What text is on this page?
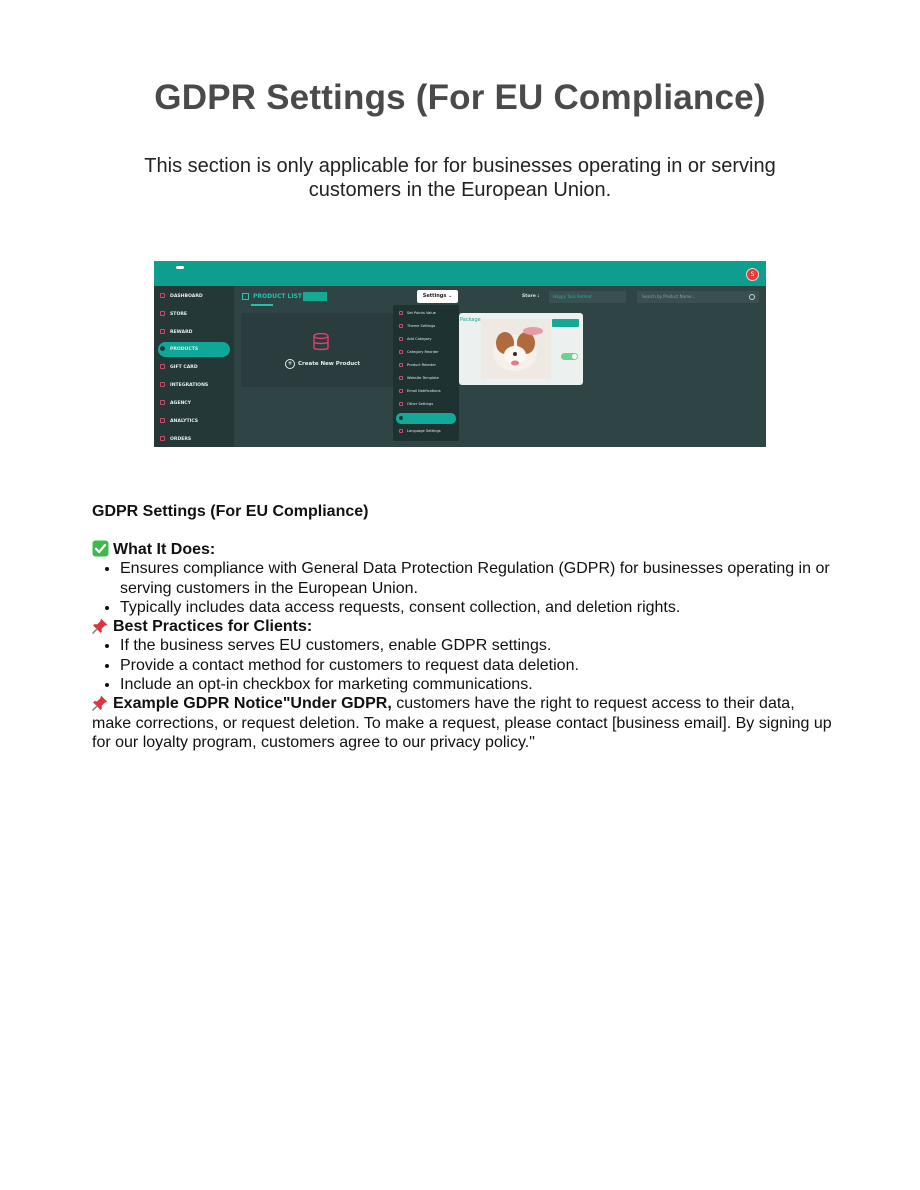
GDPR Settings (For EU Compliance)
This section is only applicable for for businesses operating in or serving customers in the European Union.
S
DASHBOARD
STORE
REWARD
PRODUCTS
GIFT CARD
INTEGRATIONS
AGENCY
ANALYTICS
ORDERS
PRODUCT LIST
+ Create New Product
Package
Store :	Happy Tails Retreat	Search by Product Name...
Settings ⌄
Set Points Value
Theme Settings
Add Category
Category Reorder
Product Reorder
Website Template
Email Notifications
Other Settings
Language Settings
GDPR Settings (For EU Compliance)

What It Does:

• Ensures compliance with General Data Protection Regulation (GDPR) for businesses operating in or serving customers in the European Union.
• Typically includes data access requests, consent collection, and deletion rights.

Best Practices for Clients:

• If the business serves EU customers, enable GDPR settings.
• Provide a contact method for customers to request data deletion.
• Include an opt-in checkbox for marketing communications.

Example GDPR Notice"Under GDPR, customers have the right to request access to their data, make corrections, or request deletion. To make a request, please contact [business email]. By signing up for our loyalty program, customers agree to our privacy policy."
